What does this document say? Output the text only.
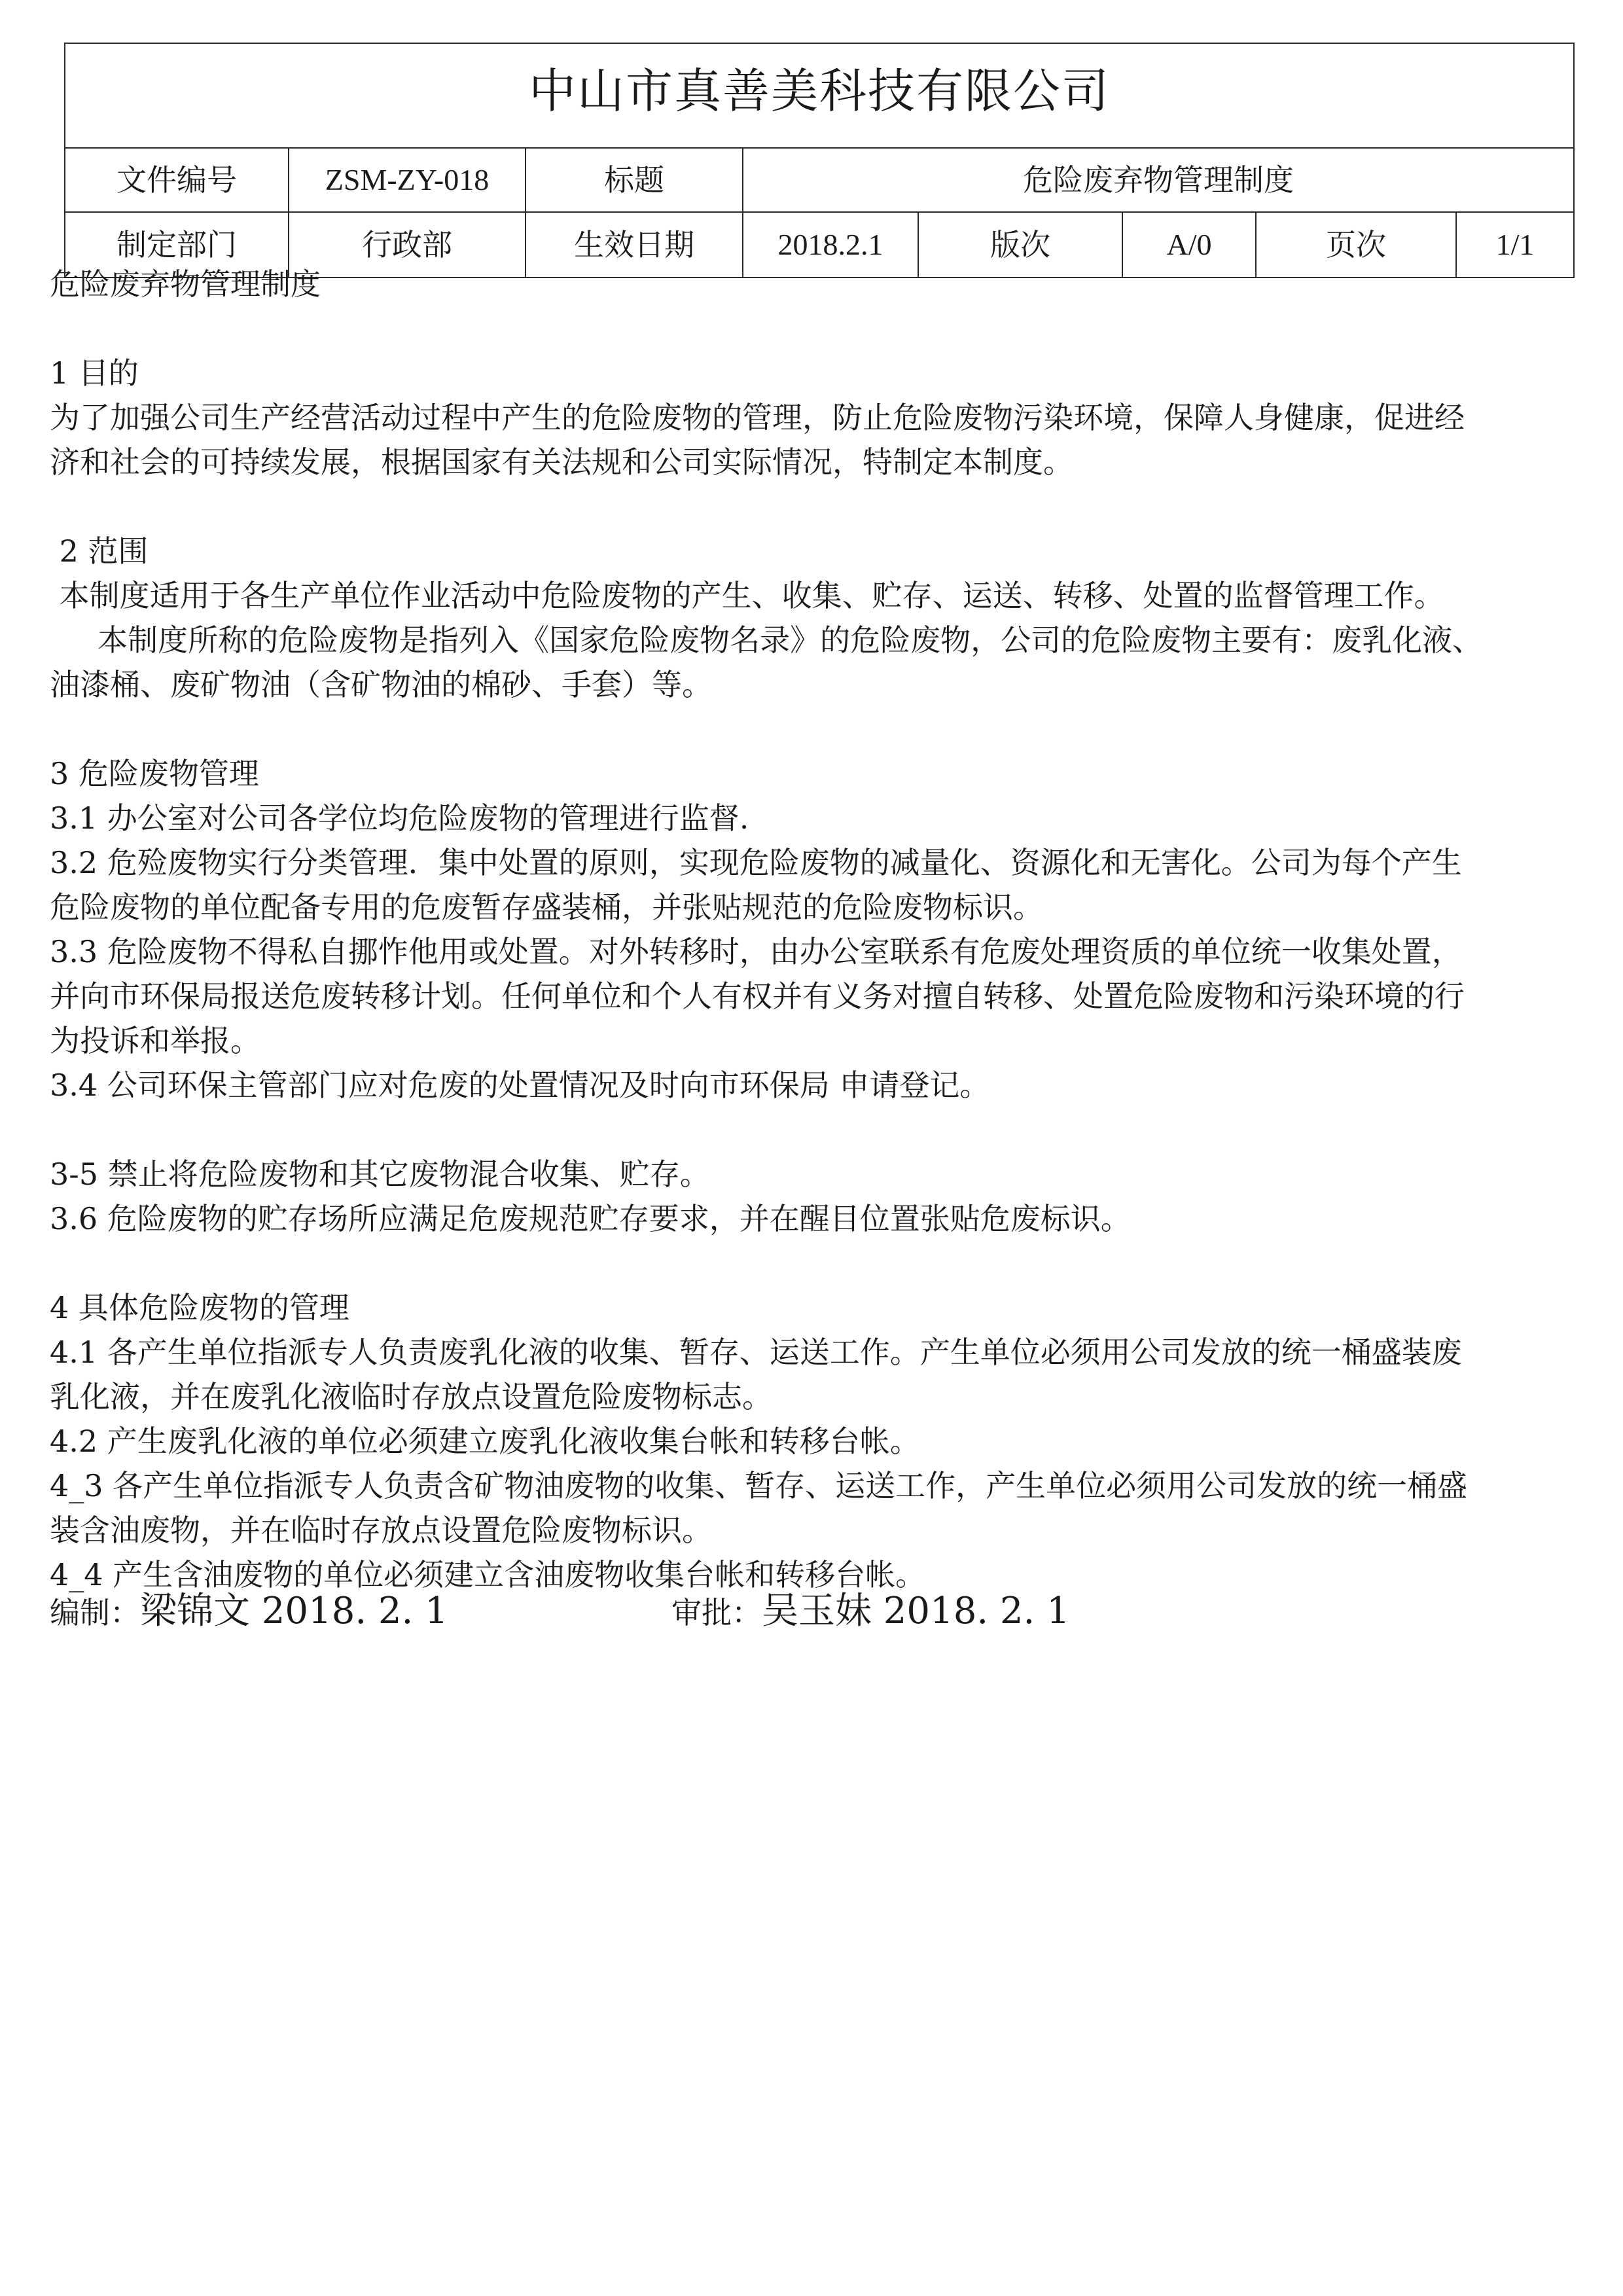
中山市真善美科技有限公司							
文件编号	ZSM-ZY-018	标题	危险废弃物管理制度				
制定部门	行政部	生效日期	2018.2.1	版次	A/0	页次	1/1

危险废弃物管理制度

1 目的

为了加强公司生产经营活动过程中产生的危险废物的管理，防止危险废物污染环境，保障人身健康，促进经

济和社会的可持续发展，根据国家有关法规和公司实际情况，特制定本制度。

2 范围

本制度适用于各生产单位作业活动中危险废物的产生、收集、贮存、运送、转移、处置的监督管理工作。

本制度所称的危险废物是指列入《国家危险废物名录》的危险废物，公司的危险废物主要有：废乳化液、

油漆桶、废矿物油（含矿物油的棉砂、手套）等。

3 危险废物管理

3.1 办公室对公司各学位均危险废物的管理进行监督.

3.2 危殓废物实行分类管理．集中处置的原则，实现危险废物的减量化、资源化和无害化。公司为每个产生

危险废物的单位配备专用的危废暂存盛装桶，并张贴规范的危险废物标识。

3.3 危险废物不得私自挪怍他用或处置。对外转移时，由办公室联系有危废处理资质的单位统一收集处置，

并向市环保局报送危废转移计划。任何单位和个人有权并有义务对擅自转移、处置危险废物和污染环境的行

为投诉和举报。

3.4 公司环保主管部门应对危废的处置情况及时向市环保局 申请登记。

3-5 禁止将危险废物和其它废物混合收集、贮存。

3.6 危险废物的贮存场所应满足危废规范贮存要求，并在醒目位置张贴危废标识。

4 具体危险废物的管理

4.1 各产生单位指派专人负责废乳化液的收集、暂存、运送工作。产生单位必须用公司发放的统一桶盛装废

乳化液，并在废乳化液临时存放点设置危险废物标志。

4.2 产生废乳化液的单位必须建立废乳化液收集台帐和转移台帐。

4_3 各产生单位指派专人负责含矿物油废物的收集、暂存、运送工作，产生单位必须用公司发放的统一桶盛

装含油废物，并在临时存放点设置危险废物标识。

4_4 产生含油废物的单位必须建立含油废物收集台帐和转移台帐。

编制：梁锦文 2018. 2. 1	审批：吴玉妹 2018. 2. 1
